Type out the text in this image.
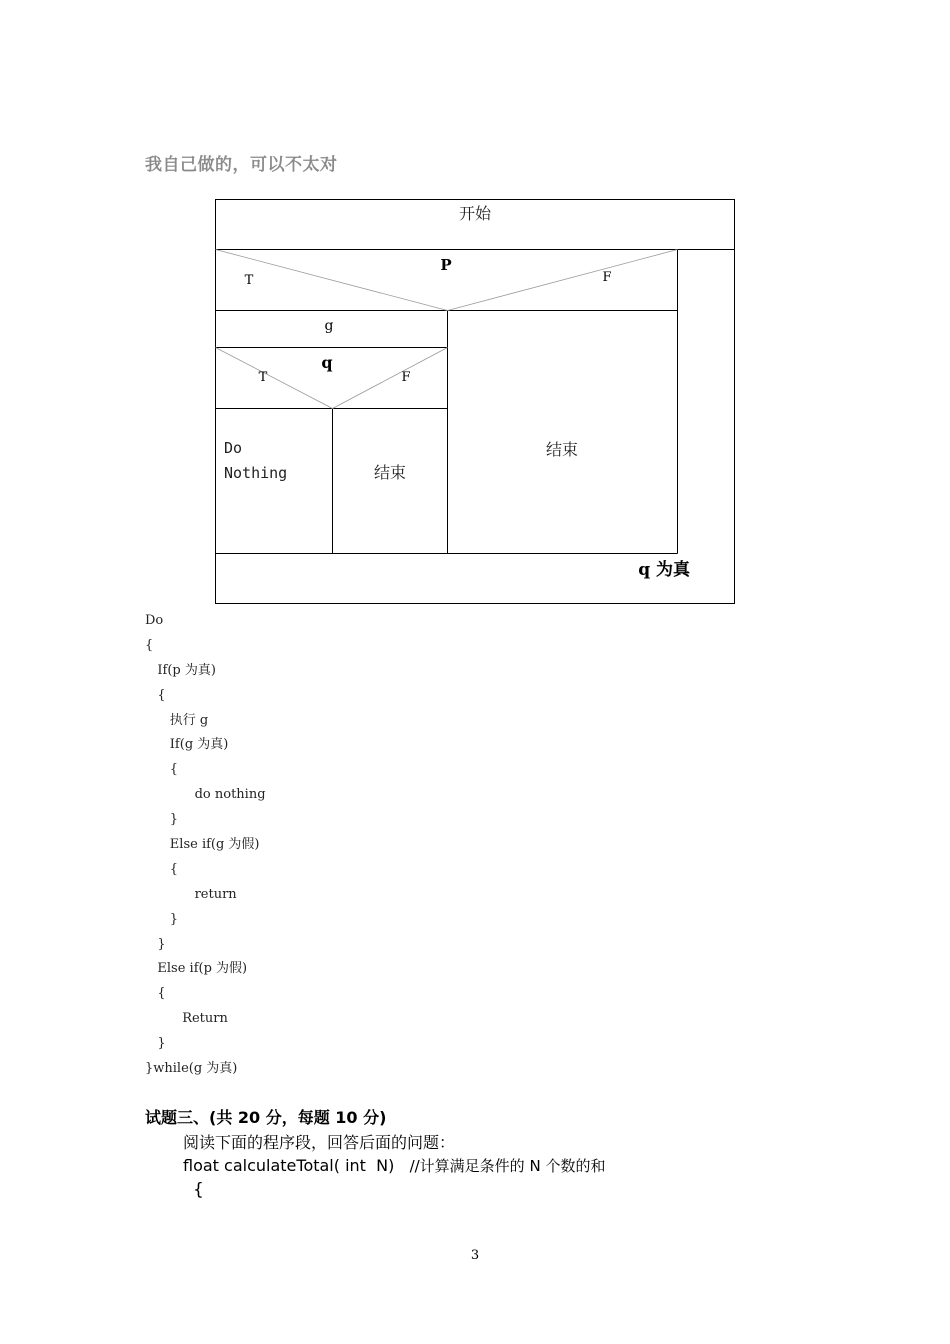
我自己做的，可以不太对
开始
结束
结束
P
T	F
g
q
T	F
q 为真
Do
Nothing
Do
{
If(p 为真)
{
执行 g
If(g 为真)
{
do nothing
}
Else if(g 为假)
{
return
}
}
Else if(p 为假)
{
Return
}
}while(g 为真)
试题三、(共 20 分，每题 10 分)
阅读下面的程序段，回答后面的问题：
float calculateTotal( int  N)   //计算满足条件的 N 个数的和
{
3
